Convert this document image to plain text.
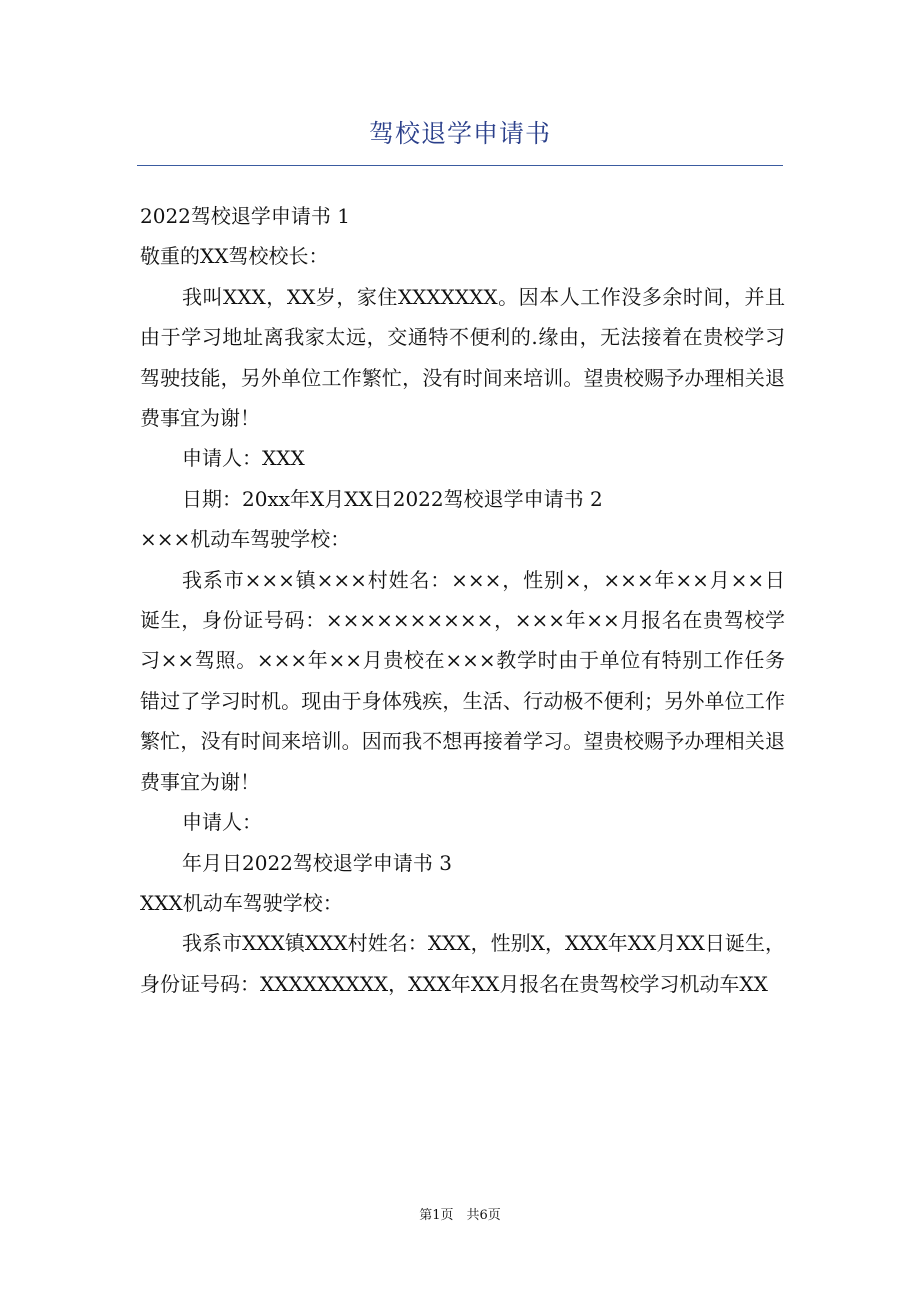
驾校退学申请书

2022驾校退学申请书 1

敬重的XX驾校校长：

我叫XXX，XX岁，家住XXXXXXX。因本人工作没多余时间，并且由于学习地址离我家太远，交通特不便利的.缘由，无法接着在贵校学习驾驶技能，另外单位工作繁忙，没有时间来培训。望贵校赐予办理相关退费事宜为谢！

申请人：XXX

日期：20xx年X月XX日2022驾校退学申请书 2

×××机动车驾驶学校：

我系市×××镇×××村姓名：×××，性别×，×××年××月××日诞生，身份证号码：××××××××××，×××年××月报名在贵驾校学习××驾照。×××年××月贵校在×××教学时由于单位有特别工作任务错过了学习时机。现由于身体残疾，生活、行动极不便利；另外单位工作繁忙，没有时间来培训。因而我不想再接着学习。望贵校赐予办理相关退费事宜为谢！

申请人：

年月日2022驾校退学申请书 3

XXX机动车驾驶学校：

我系市XXX镇XXX村姓名：XXX，性别X，XXX年XX月XX日诞生，身份证号码：XXXXXXXXX，XXX年XX月报名在贵驾校学习机动车XX

第1页　共6页
